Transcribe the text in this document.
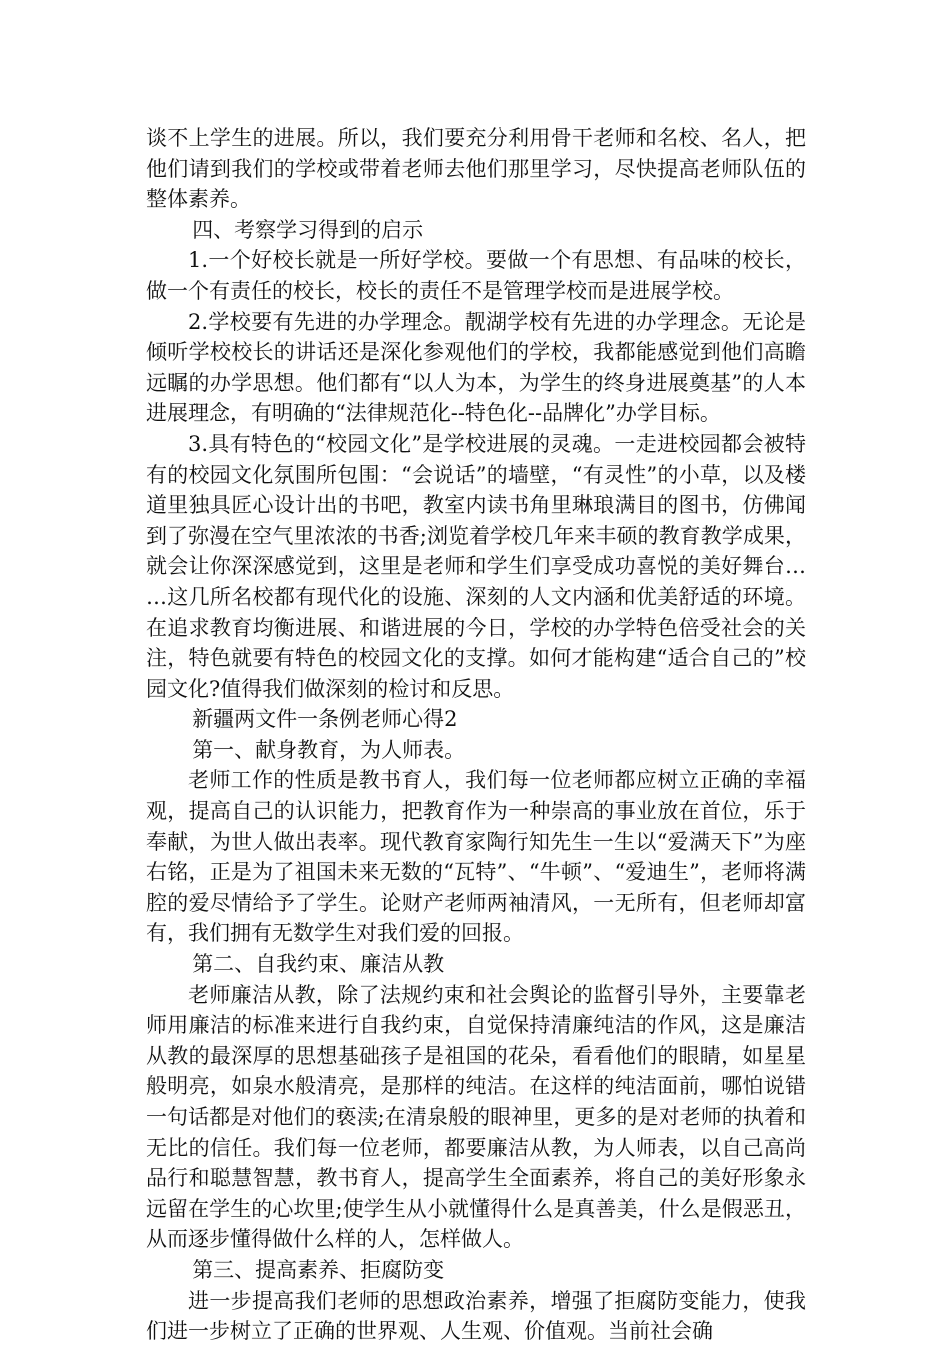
谈不上学生的进展。所以，我们要充分利用骨干老师和名校、名人，把他们请到我们的学校或带着老师去他们那里学习，尽快提高老师队伍的整体素养。

四、考察学习得到的启示

1.一个好校长就是一所好学校。要做一个有思想、有品味的校长，做一个有责任的校长，校长的责任不是管理学校而是进展学校。

2.学校要有先进的办学理念。靓湖学校有先进的办学理念。无论是倾听学校校长的讲话还是深化参观他们的学校，我都能感觉到他们高瞻远瞩的办学思想。他们都有“以人为本，为学生的终身进展奠基”的人本进展理念，有明确的“法律规范化--特色化--品牌化”办学目标。

3.具有特色的“校园文化”是学校进展的灵魂。一走进校园都会被特有的校园文化氛围所包围：“会说话”的墙壁，“有灵性”的小草，以及楼道里独具匠心设计出的书吧，教室内读书角里琳琅满目的图书，仿佛闻到了弥漫在空气里浓浓的书香;浏览着学校几年来丰硕的教育教学成果，就会让你深深感觉到，这里是老师和学生们享受成功喜悦的美好舞台……这几所名校都有现代化的设施、深刻的人文内涵和优美舒适的环境。在追求教育均衡进展、和谐进展的今日，学校的办学特色倍受社会的关注，特色就要有特色的校园文化的支撑。如何才能构建“适合自己的”校园文化?值得我们做深刻的检讨和反思。

新疆两文件一条例老师心得2

第一、献身教育，为人师表。

老师工作的性质是教书育人，我们每一位老师都应树立正确的幸福观，提高自己的认识能力，把教育作为一种崇高的事业放在首位，乐于奉献，为世人做出表率。现代教育家陶行知先生一生以“爱满天下”为座右铭，正是为了祖国未来无数的“瓦特”、“牛顿”、“爱迪生”，老师将满腔的爱尽情给予了学生。论财产老师两袖清风，一无所有，但老师却富有，我们拥有无数学生对我们爱的回报。

第二、自我约束、廉洁从教

老师廉洁从教，除了法规约束和社会舆论的监督引导外，主要靠老师用廉洁的标准来进行自我约束，自觉保持清廉纯洁的作风，这是廉洁从教的最深厚的思想基础孩子是祖国的花朵，看看他们的眼睛，如星星般明亮，如泉水般清亮，是那样的纯洁。在这样的纯洁面前，哪怕说错一句话都是对他们的亵渎;在清泉般的眼神里，更多的是对老师的执着和无比的信任。我们每一位老师，都要廉洁从教，为人师表，以自己高尚品行和聪慧智慧，教书育人，提高学生全面素养，将自己的美好形象永远留在学生的心坎里;使学生从小就懂得什么是真善美，什么是假恶丑，从而逐步懂得做什么样的人，怎样做人。

第三、提高素养、拒腐防变

进一步提高我们老师的思想政治素养，增强了拒腐防变能力，使我们进一步树立了正确的世界观、人生观、价值观。当前社会确
